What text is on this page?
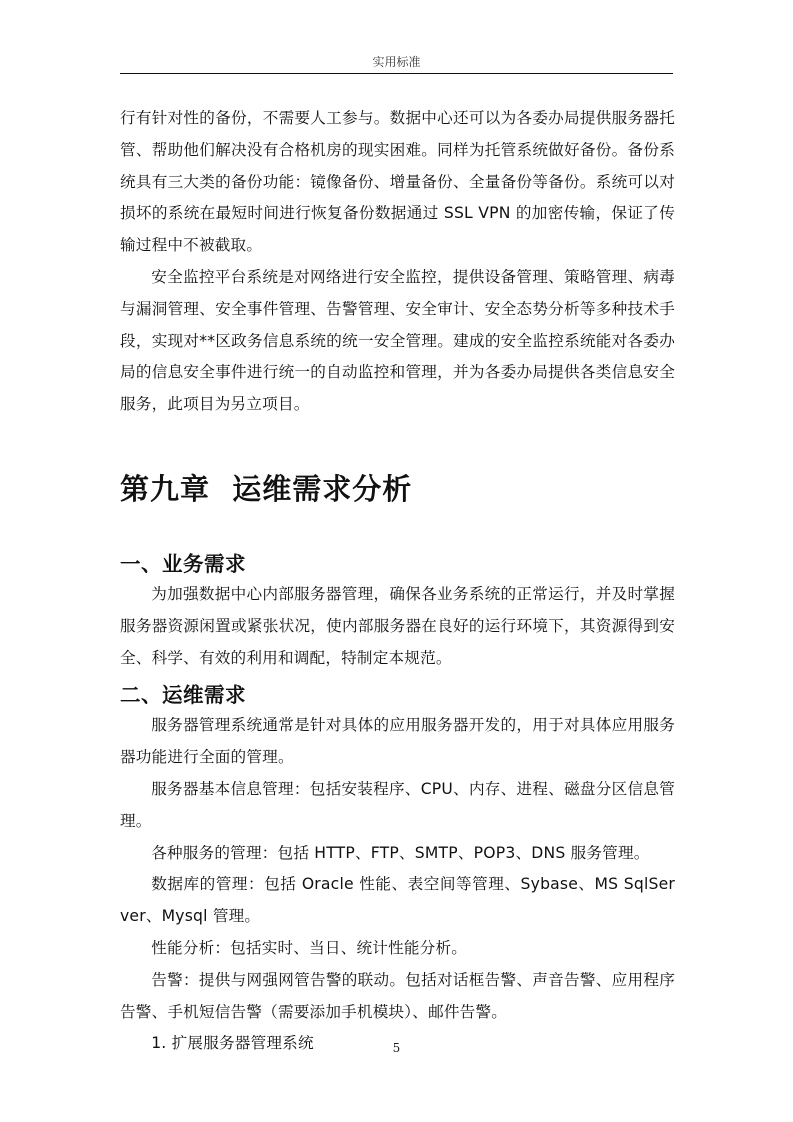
实用标准

行有针对性的备份，不需要人工参与。数据中心还可以为各委办局提供服务器托管、帮助他们解决没有合格机房的现实困难。同样为托管系统做好备份。备份系统具有三大类的备份功能：镜像备份、增量备份、全量备份等备份。系统可以对损坏的系统在最短时间进行恢复备份数据通过 SSL VPN 的加密传输，保证了传输过程中不被截取。

安全监控平台系统是对网络进行安全监控，提供设备管理、策略管理、病毒与漏洞管理、安全事件管理、告警管理、安全审计、安全态势分析等多种技术手段，实现对**区政务信息系统的统一安全管理。建成的安全监控系统能对各委办局的信息安全事件进行统一的自动监控和管理，并为各委办局提供各类信息安全服务，此项目为另立项目。

第九章  运维需求分析
一、业务需求

为加强数据中心内部服务器管理，确保各业务系统的正常运行，并及时掌握服务器资源闲置或紧张状况，使内部服务器在良好的运行环境下，其资源得到安全、科学、有效的利用和调配，特制定本规范。

二、运维需求

服务器管理系统通常是针对具体的应用服务器开发的，用于对具体应用服务器功能进行全面的管理。

服务器基本信息管理：包括安装程序、CPU、内存、进程、磁盘分区信息管理。

各种服务的管理：包括 HTTP、FTP、SMTP、POP3、DNS 服务管理。

数据库的管理：包括 Oracle 性能、表空间等管理、Sybase、MS SqlServer、Mysql 管理。

性能分析：包括实时、当日、统计性能分析。

告警：提供与网强网管告警的联动。包括对话框告警、声音告警、应用程序告警、手机短信告警（需要添加手机模块）、邮件告警。

1. 扩展服务器管理系统	5
